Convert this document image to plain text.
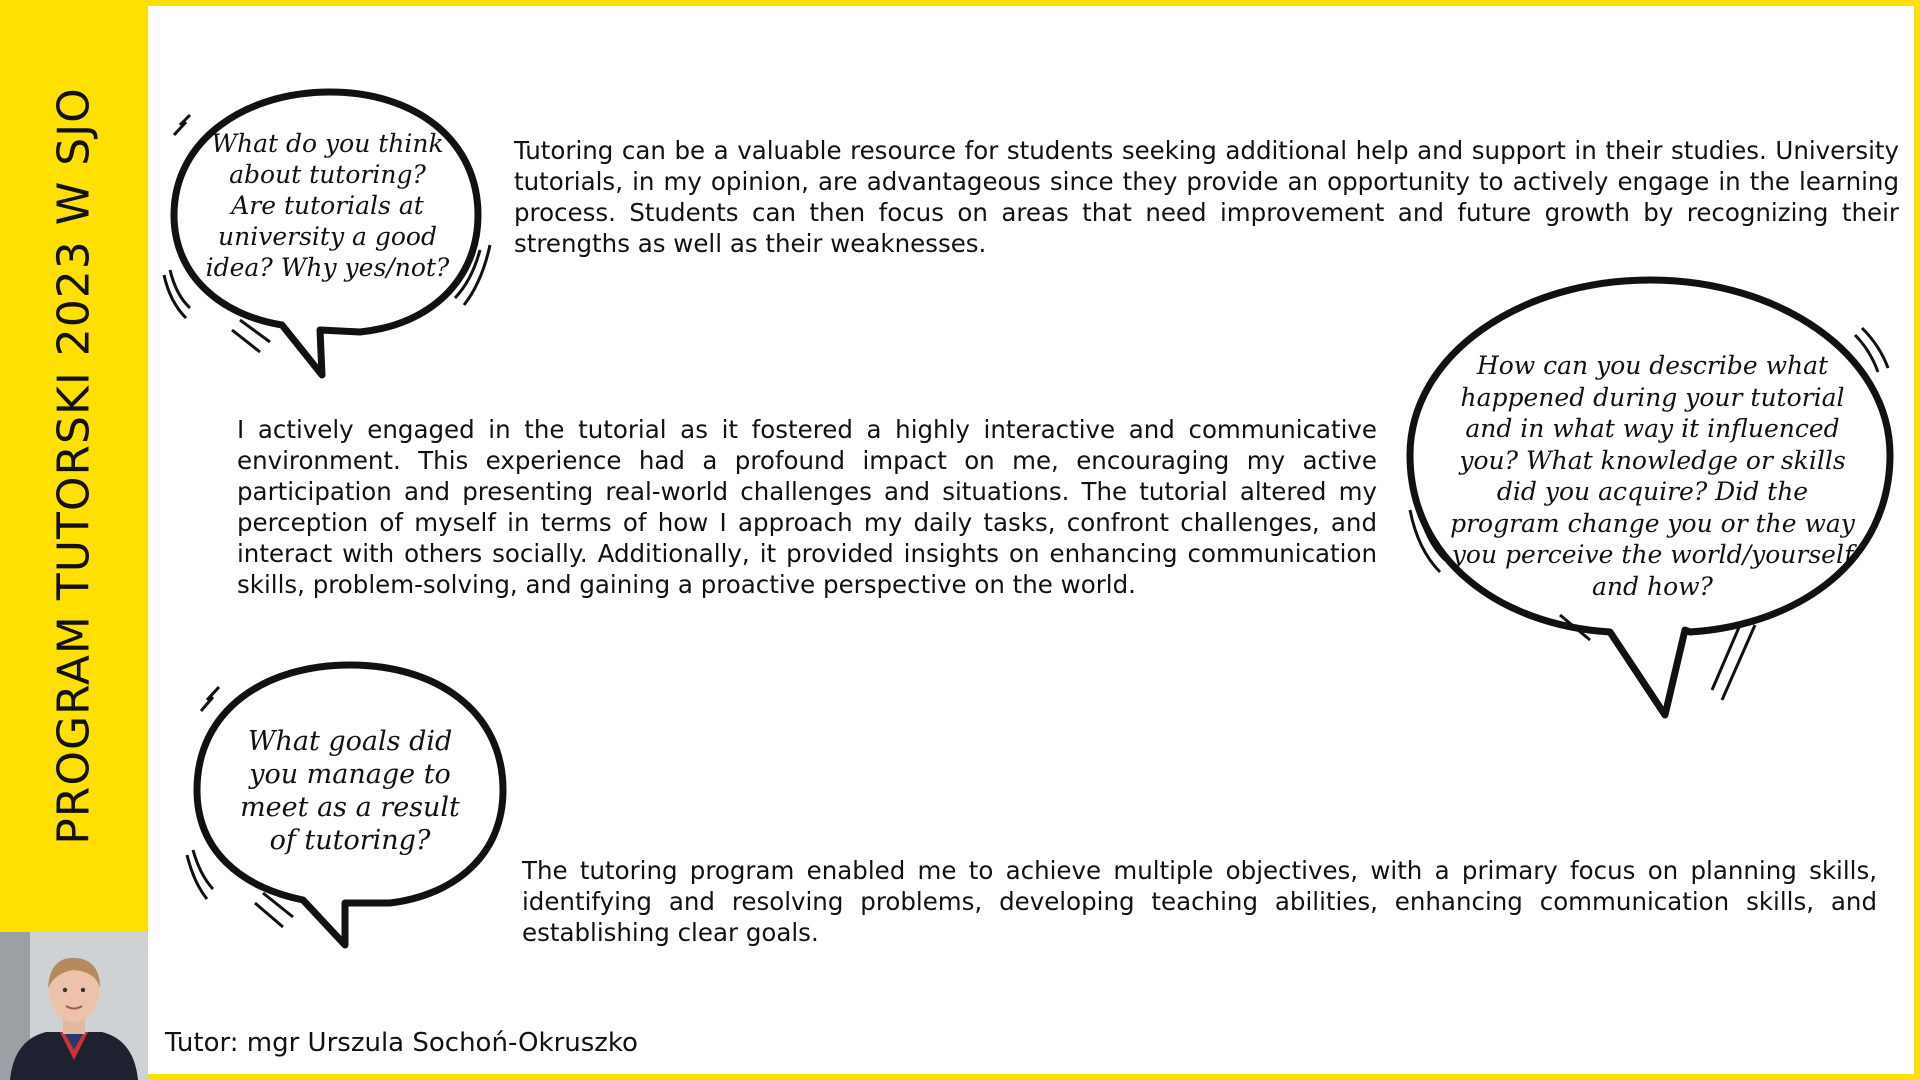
PROGRAM TUTORSKI 2023 W SJO	What do you think about tutoring? Are tutorials at university a good idea? Why yes/not?
How can you describe what happened during your tutorial and in what way it influenced you? What knowledge or skills did you acquire? Did the program change you or the way you perceive the world/yourself and how?
What goals did you manage to meet as a result of tutoring?
Tutoring can be a valuable resource for students seeking additional help and support in their studies. University tutorials, in my opinion, are advantageous since they provide an opportunity to actively engage in the learning process. Students can then focus on areas that need improvement and future growth by recognizing their strengths as well as their weaknesses.
I actively engaged in the tutorial as it fostered a highly interactive and communicative environment. This experience had a profound impact on me, encouraging my active participation and presenting real-world challenges and situations. The tutorial altered my perception of myself in terms of how I approach my daily tasks, confront challenges, and interact with others socially. Additionally, it provided insights on enhancing communication skills, problem-solving, and gaining a proactive perspective on the world.
The tutoring program enabled me to achieve multiple objectives, with a primary focus on planning skills, identifying and resolving problems, developing teaching abilities, enhancing communication skills, and establishing clear goals.
Tutor: mgr Urszula Sochoń-Okruszko
